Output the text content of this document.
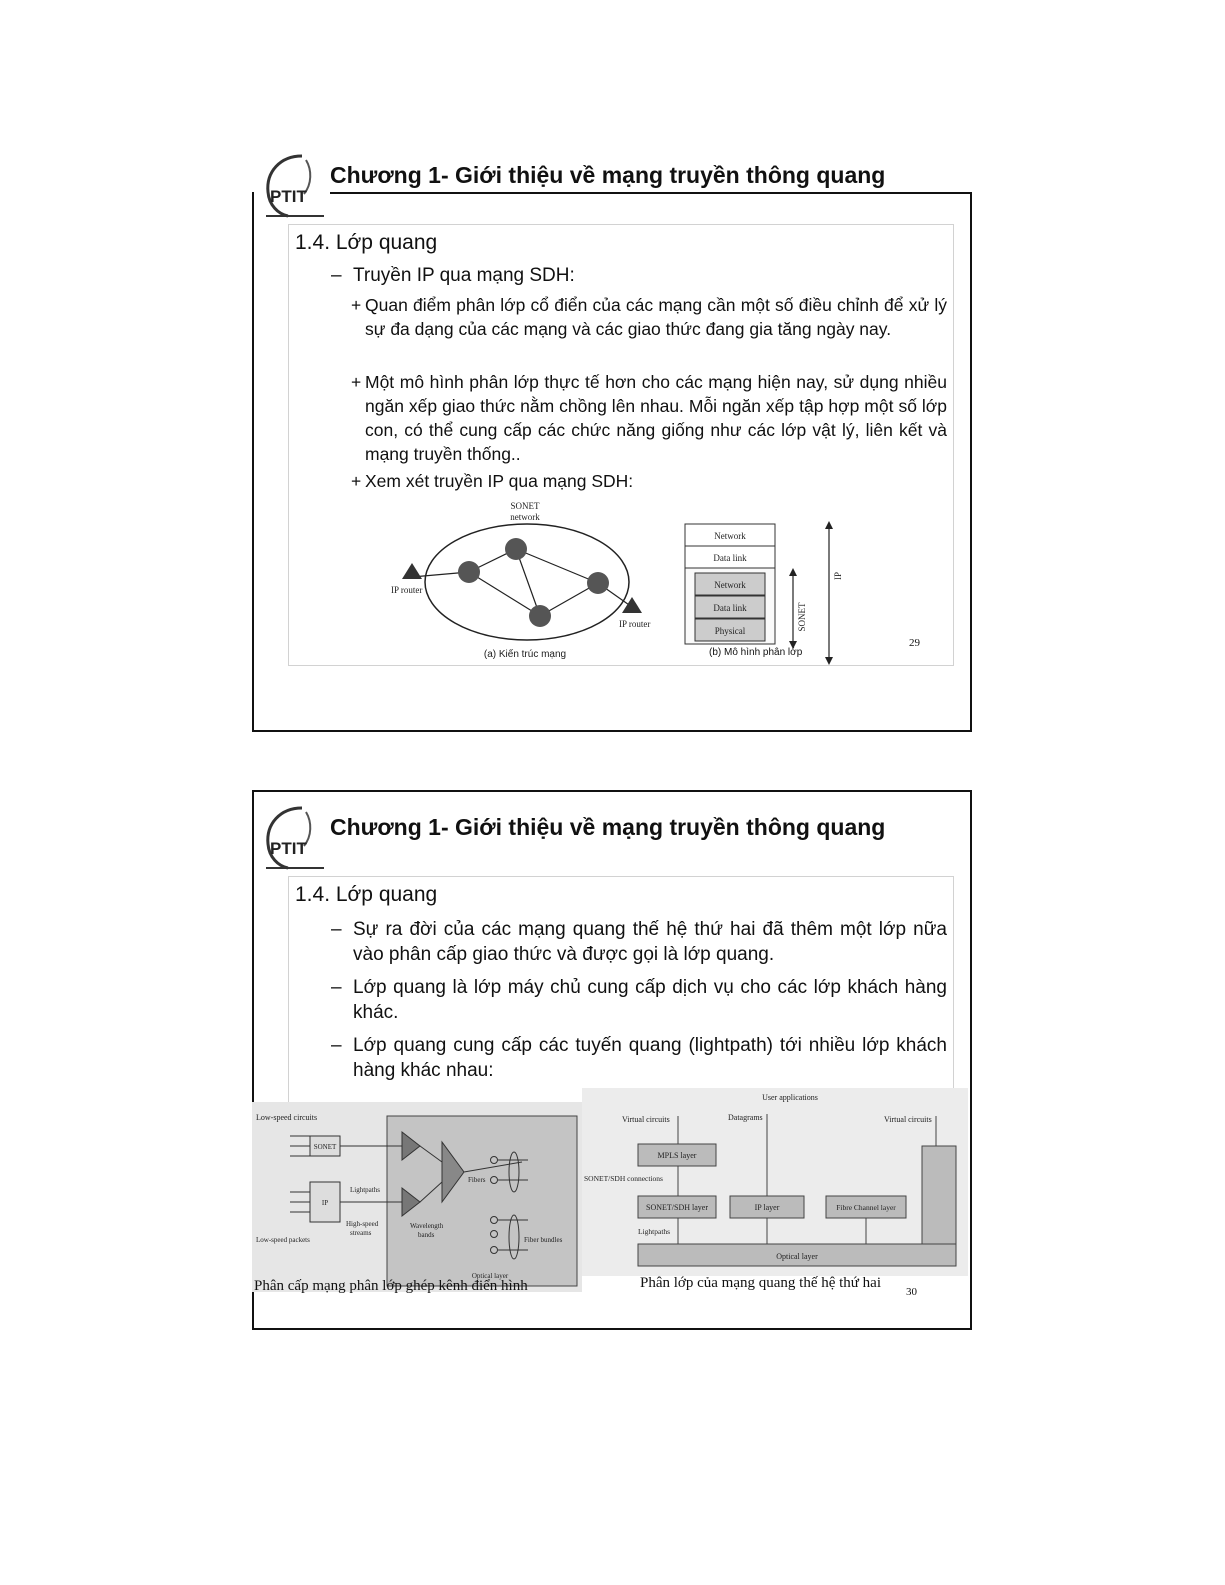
PTIT
Chương 1- Giới thiệu về mạng truyền thông quang
1.4. Lớp quang
– Truyền IP qua mạng SDH:
+ Quan điểm phân lớp cổ điển của các mạng cần một số điều chỉnh để xử lý sự đa dạng của các mạng và các giao thức đang gia tăng ngày nay.
+ Một mô hình phân lớp thực tế hơn cho các mạng hiện nay, sử dụng nhiều ngăn xếp giao thức nằm chồng lên nhau. Mỗi ngăn xếp tập hợp một số lớp con, có thể cung cấp các chức năng giống như các lớp vật lý, liên kết và mạng truyền thống..
+ Xem xét truyền IP qua mạng SDH:
SONET
network
IP router
IP router
(a) Kiến trúc mạng
Network
Data link
Network
Data link
Physical	SONET
IP
(b) Mô hình phân lớp
29
PTIT
Chương 1- Giới thiệu về mạng truyền thông quang
1.4. Lớp quang
– Sự ra đời của các mạng quang thế hệ thứ hai đã thêm một lớp nữa vào phân cấp giao thức và được gọi là lớp quang.
– Lớp quang là lớp máy chủ cung cấp dịch vụ cho các lớp khách hàng khác.
– Lớp quang cung cấp các tuyến quang (lightpath) tới nhiều lớp khách hàng khác nhau:
Low-speed circuits
SONET
IP
Lightpaths
High-speed
streams
Wavelength
bands
Fibers
Fiber bundles
Low-speed packets
Optical layer
User applications
Virtual circuits	Datagrams	Virtual circuits
MPLS layer
SONET/SDH connections
SONET/SDH layer	IP layer	Fibre Channel layer
Lightpaths
Optical layer
Phân cấp mạng phân lớp ghép kênh điển hình	Phân lớp của mạng quang thế hệ thứ hai
30
